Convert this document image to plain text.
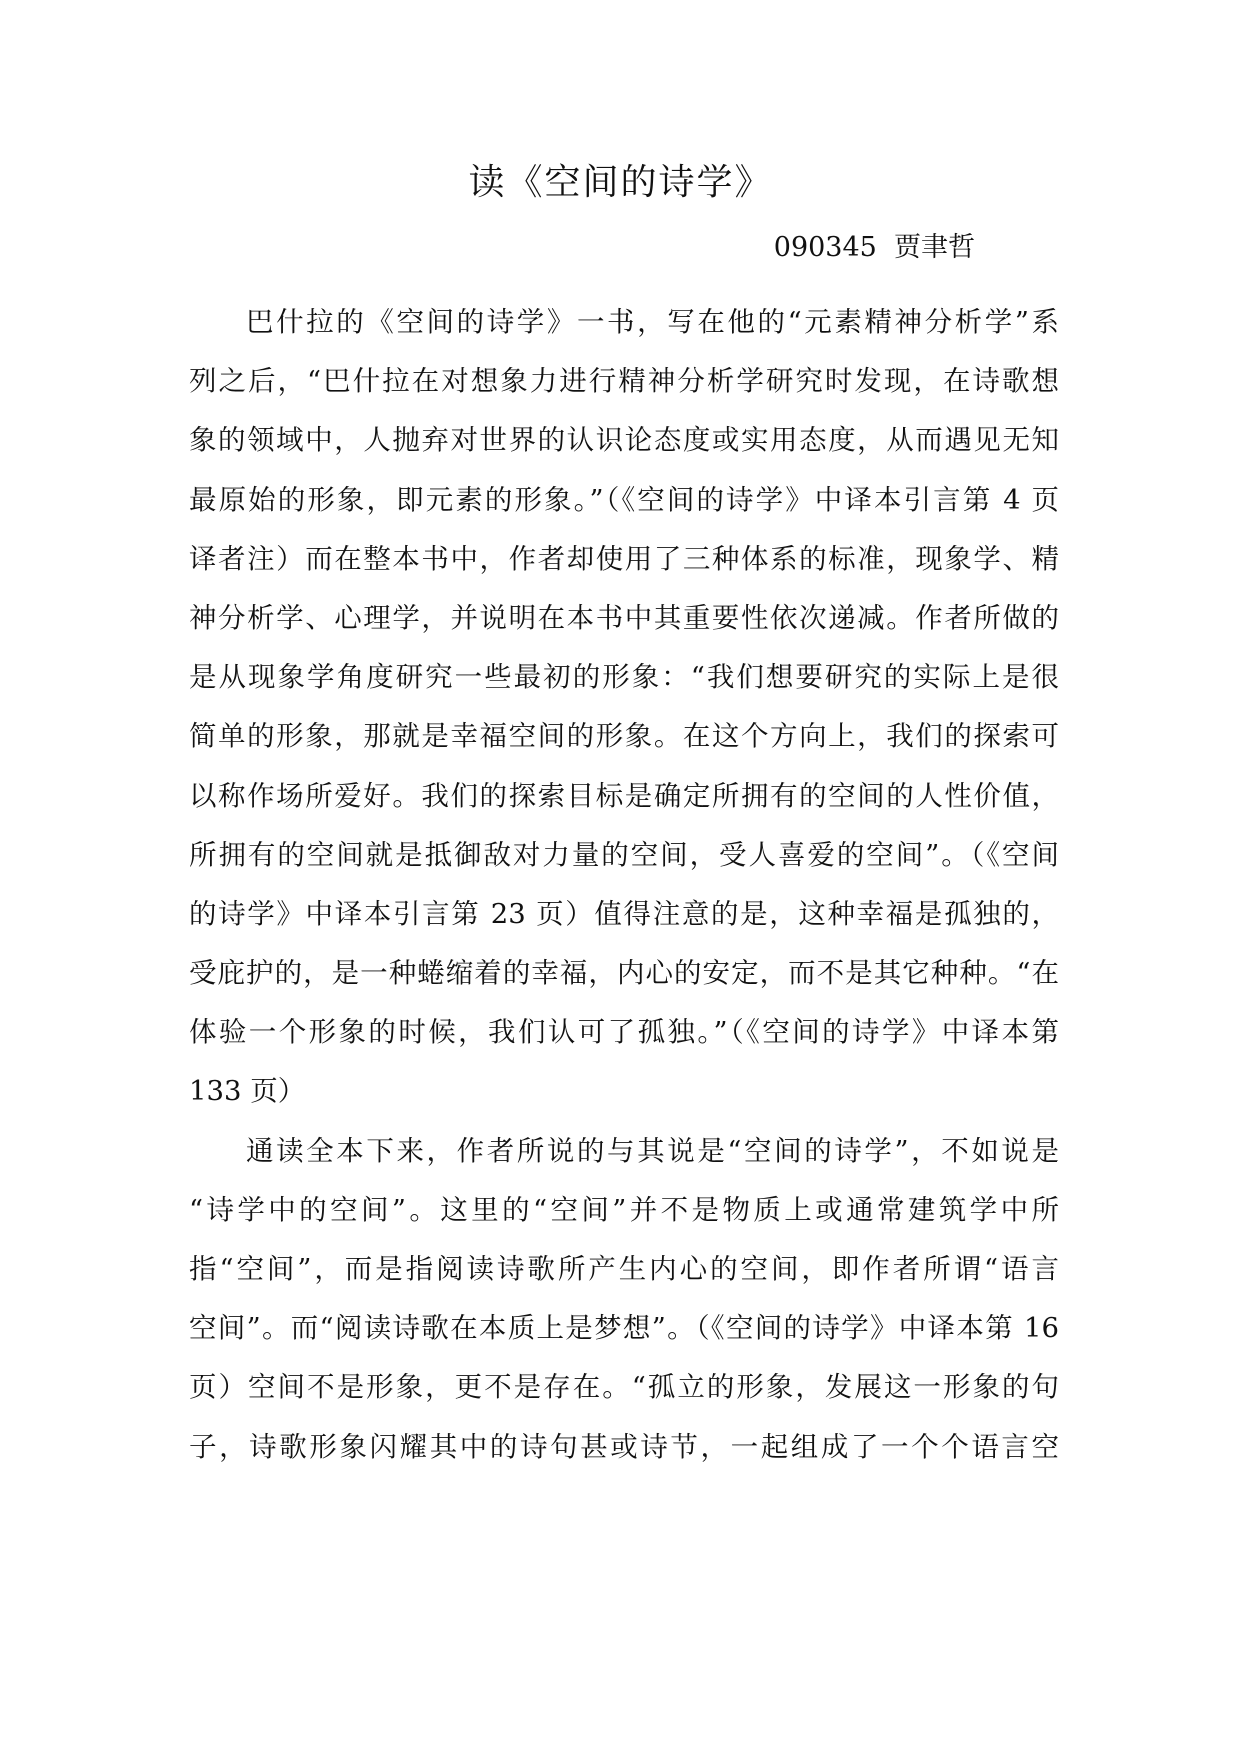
读《空间的诗学》
090345  贾聿哲
巴什拉的《空间的诗学》一书，写在他的“元素精神分析学”系
列之后，“巴什拉在对想象力进行精神分析学研究时发现，在诗歌想
象的领域中，人抛弃对世界的认识论态度或实用态度，从而遇见无知
最原始的形象，即元素的形象。”（《空间的诗学》中译本引言第 4 页
译者注）而在整本书中，作者却使用了三种体系的标准，现象学、精
神分析学、心理学，并说明在本书中其重要性依次递减。作者所做的
是从现象学角度研究一些最初的形象：“我们想要研究的实际上是很
简单的形象，那就是幸福空间的形象。在这个方向上，我们的探索可
以称作场所爱好。我们的探索目标是确定所拥有的空间的人性价值，
所拥有的空间就是抵御敌对力量的空间，受人喜爱的空间”。（《空间
的诗学》中译本引言第 23 页）值得注意的是，这种幸福是孤独的，
受庇护的，是一种蜷缩着的幸福，内心的安定，而不是其它种种。“在
体验一个形象的时候，我们认可了孤独。”（《空间的诗学》中译本第
133 页）
通读全本下来，作者所说的与其说是“空间的诗学”，不如说是
“诗学中的空间”。这里的“空间”并不是物质上或通常建筑学中所
指“空间”，而是指阅读诗歌所产生内心的空间，即作者所谓“语言
空间”。而“阅读诗歌在本质上是梦想”。（《空间的诗学》中译本第 16
页）空间不是形象，更不是存在。“孤立的形象，发展这一形象的句
子，诗歌形象闪耀其中的诗句甚或诗节，一起组成了一个个语言空
